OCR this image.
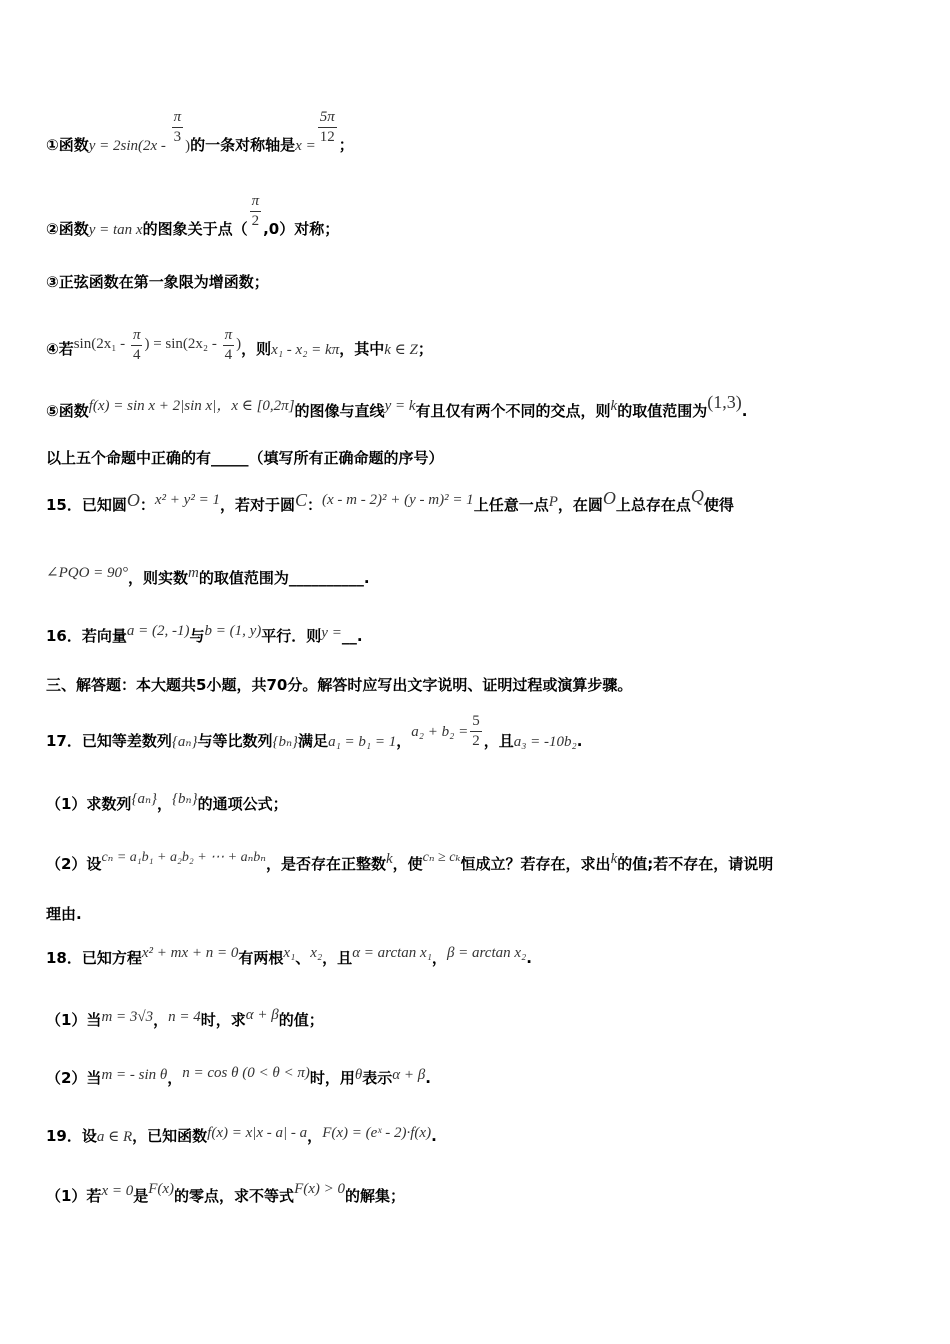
①函数$y = 2\sin(2x - \frac{\pi}{3}$ )的一条对称轴是$x = \frac{5\pi}{12}$ ；
②函数y = tan x的图象关于点（ $\frac{\pi}{2} ,0$）对称；
③正弦函数在第一象限为增函数；
④若$\sin(2x_1 - \frac{\pi}{4}$ ) = $\sin(2x_2 - \frac{\pi}{4}$ )，则x₁ - x₂ = kπ，其中k ∈ Z；
⑤函数f(x) = sin x + 2|sin x|，x ∈ [0,2π]的图像与直线y = k有且仅有两个不同的交点，则k的取值范围为(1,3).
以上五个命题中正确的有_____（填写所有正确命题的序号）
15．已知圆O：x² + y² = 1，若对于圆C：(x - m - 2)² + (y - m)² = 1上任意一点P，在圆O上总存在点Q使得
∠PQO = 90°，则实数m的取值范围为__________.
16．若向量a = (2, -1)与b = (1, y)平行．则y =__.
三、解答题：本大题共5小题，共70分。解答时应写出文字说明、证明过程或演算步骤。
17．已知等差数列{aₙ}与等比数列{bₙ}满足a₁ = b₁ = 1，$a_2 + b_2 = \frac{5}{2}$ ，且a₃ = -10b₂.
（1）求数列{aₙ}，{bₙ}的通项公式；
（2）设cₙ = a₁b₁ + a₂b₂ + ⋯ + aₙbₙ，是否存在正整数k，使cₙ ≥ cₖ恒成立？若存在，求出k的值;若不存在，请说明
理由.
18．已知方程x² + mx + n = 0有两根x₁、x₂，且α = arctan x₁，β = arctan x₂.
（1）当m = 3√3，n = 4时，求α + β的值；
（2）当m = - sin θ，n = cos θ (0 < θ < π)时，用θ表示α + β.
19．设a ∈ R，已知函数f(x) = x|x - a| - a，F(x) = (eˣ - 2)·f(x).
（1）若x = 0是F(x)的零点，求不等式F(x) > 0的解集；
